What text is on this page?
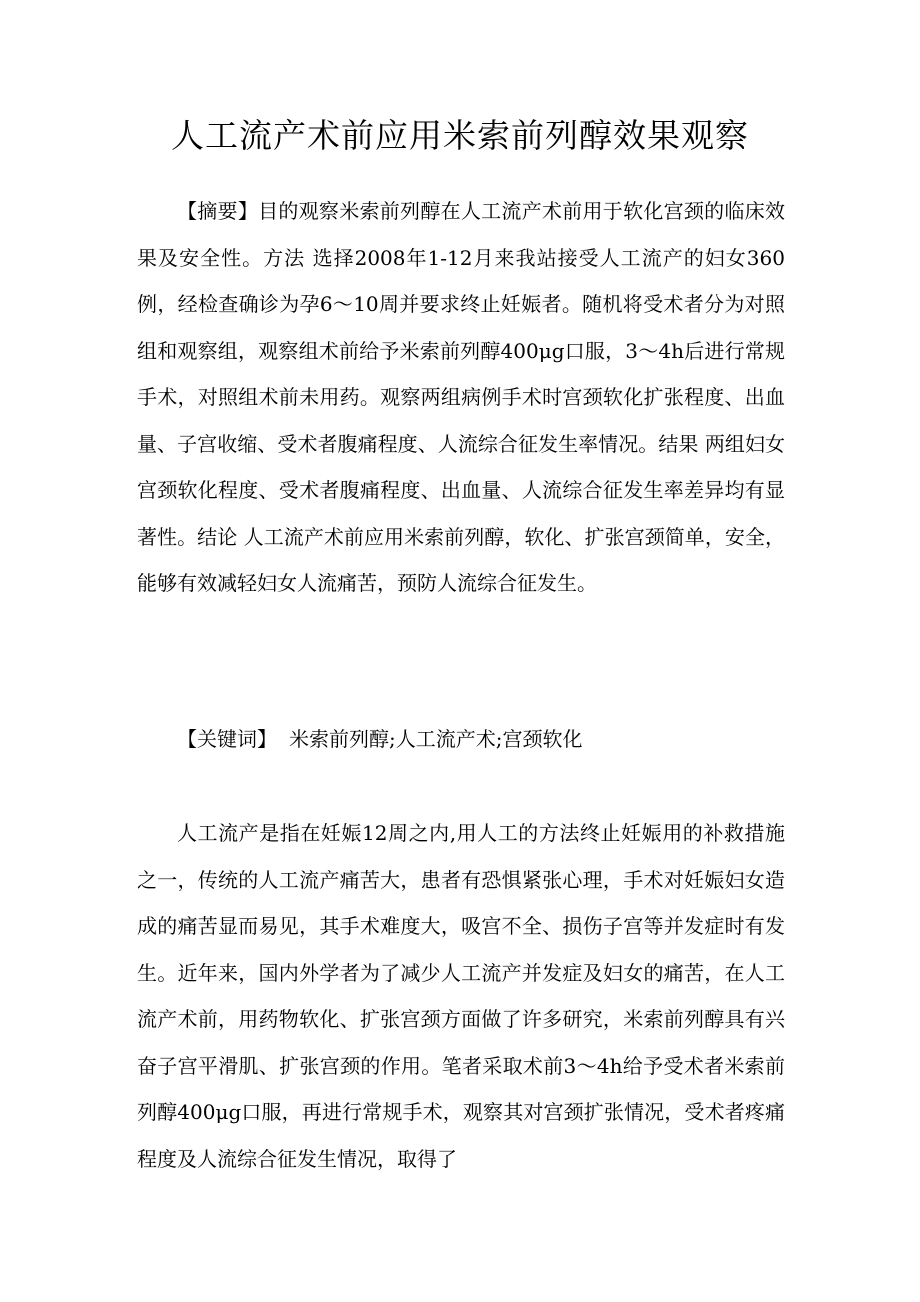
人工流产术前应用米索前列醇效果观察

【摘要】目的观察米索前列醇在人工流产术前用于软化宫颈的临床效果及安全性。方法 选择2008年1-12月来我站接受人工流产的妇女360例，经检查确诊为孕6～10周并要求终止妊娠者。随机将受术者分为对照组和观察组，观察组术前给予米索前列醇400μg口服，3～4h后进行常规手术，对照组术前未用药。观察两组病例手术时宫颈软化扩张程度、出血量、子宫收缩、受术者腹痛程度、人流综合征发生率情况。结果 两组妇女宫颈软化程度、受术者腹痛程度、出血量、人流综合征发生率差异均有显著性。结论 人工流产术前应用米索前列醇，软化、扩张宫颈简单，安全，能够有效减轻妇女人流痛苦，预防人流综合征发生。

【关键词】 米索前列醇;人工流产术;宫颈软化

人工流产是指在妊娠12周之内,用人工的方法终止妊娠用的补救措施之一，传统的人工流产痛苦大，患者有恐惧紧张心理，手术对妊娠妇女造成的痛苦显而易见，其手术难度大，吸宫不全、损伤子宫等并发症时有发生。近年来，国内外学者为了减少人工流产并发症及妇女的痛苦，在人工流产术前，用药物软化、扩张宫颈方面做了许多研究，米索前列醇具有兴奋子宫平滑肌、扩张宫颈的作用。笔者采取术前3～4h给予受术者米索前列醇400μg口服，再进行常规手术，观察其对宫颈扩张情况，受术者疼痛程度及人流综合征发生情况，取得了
